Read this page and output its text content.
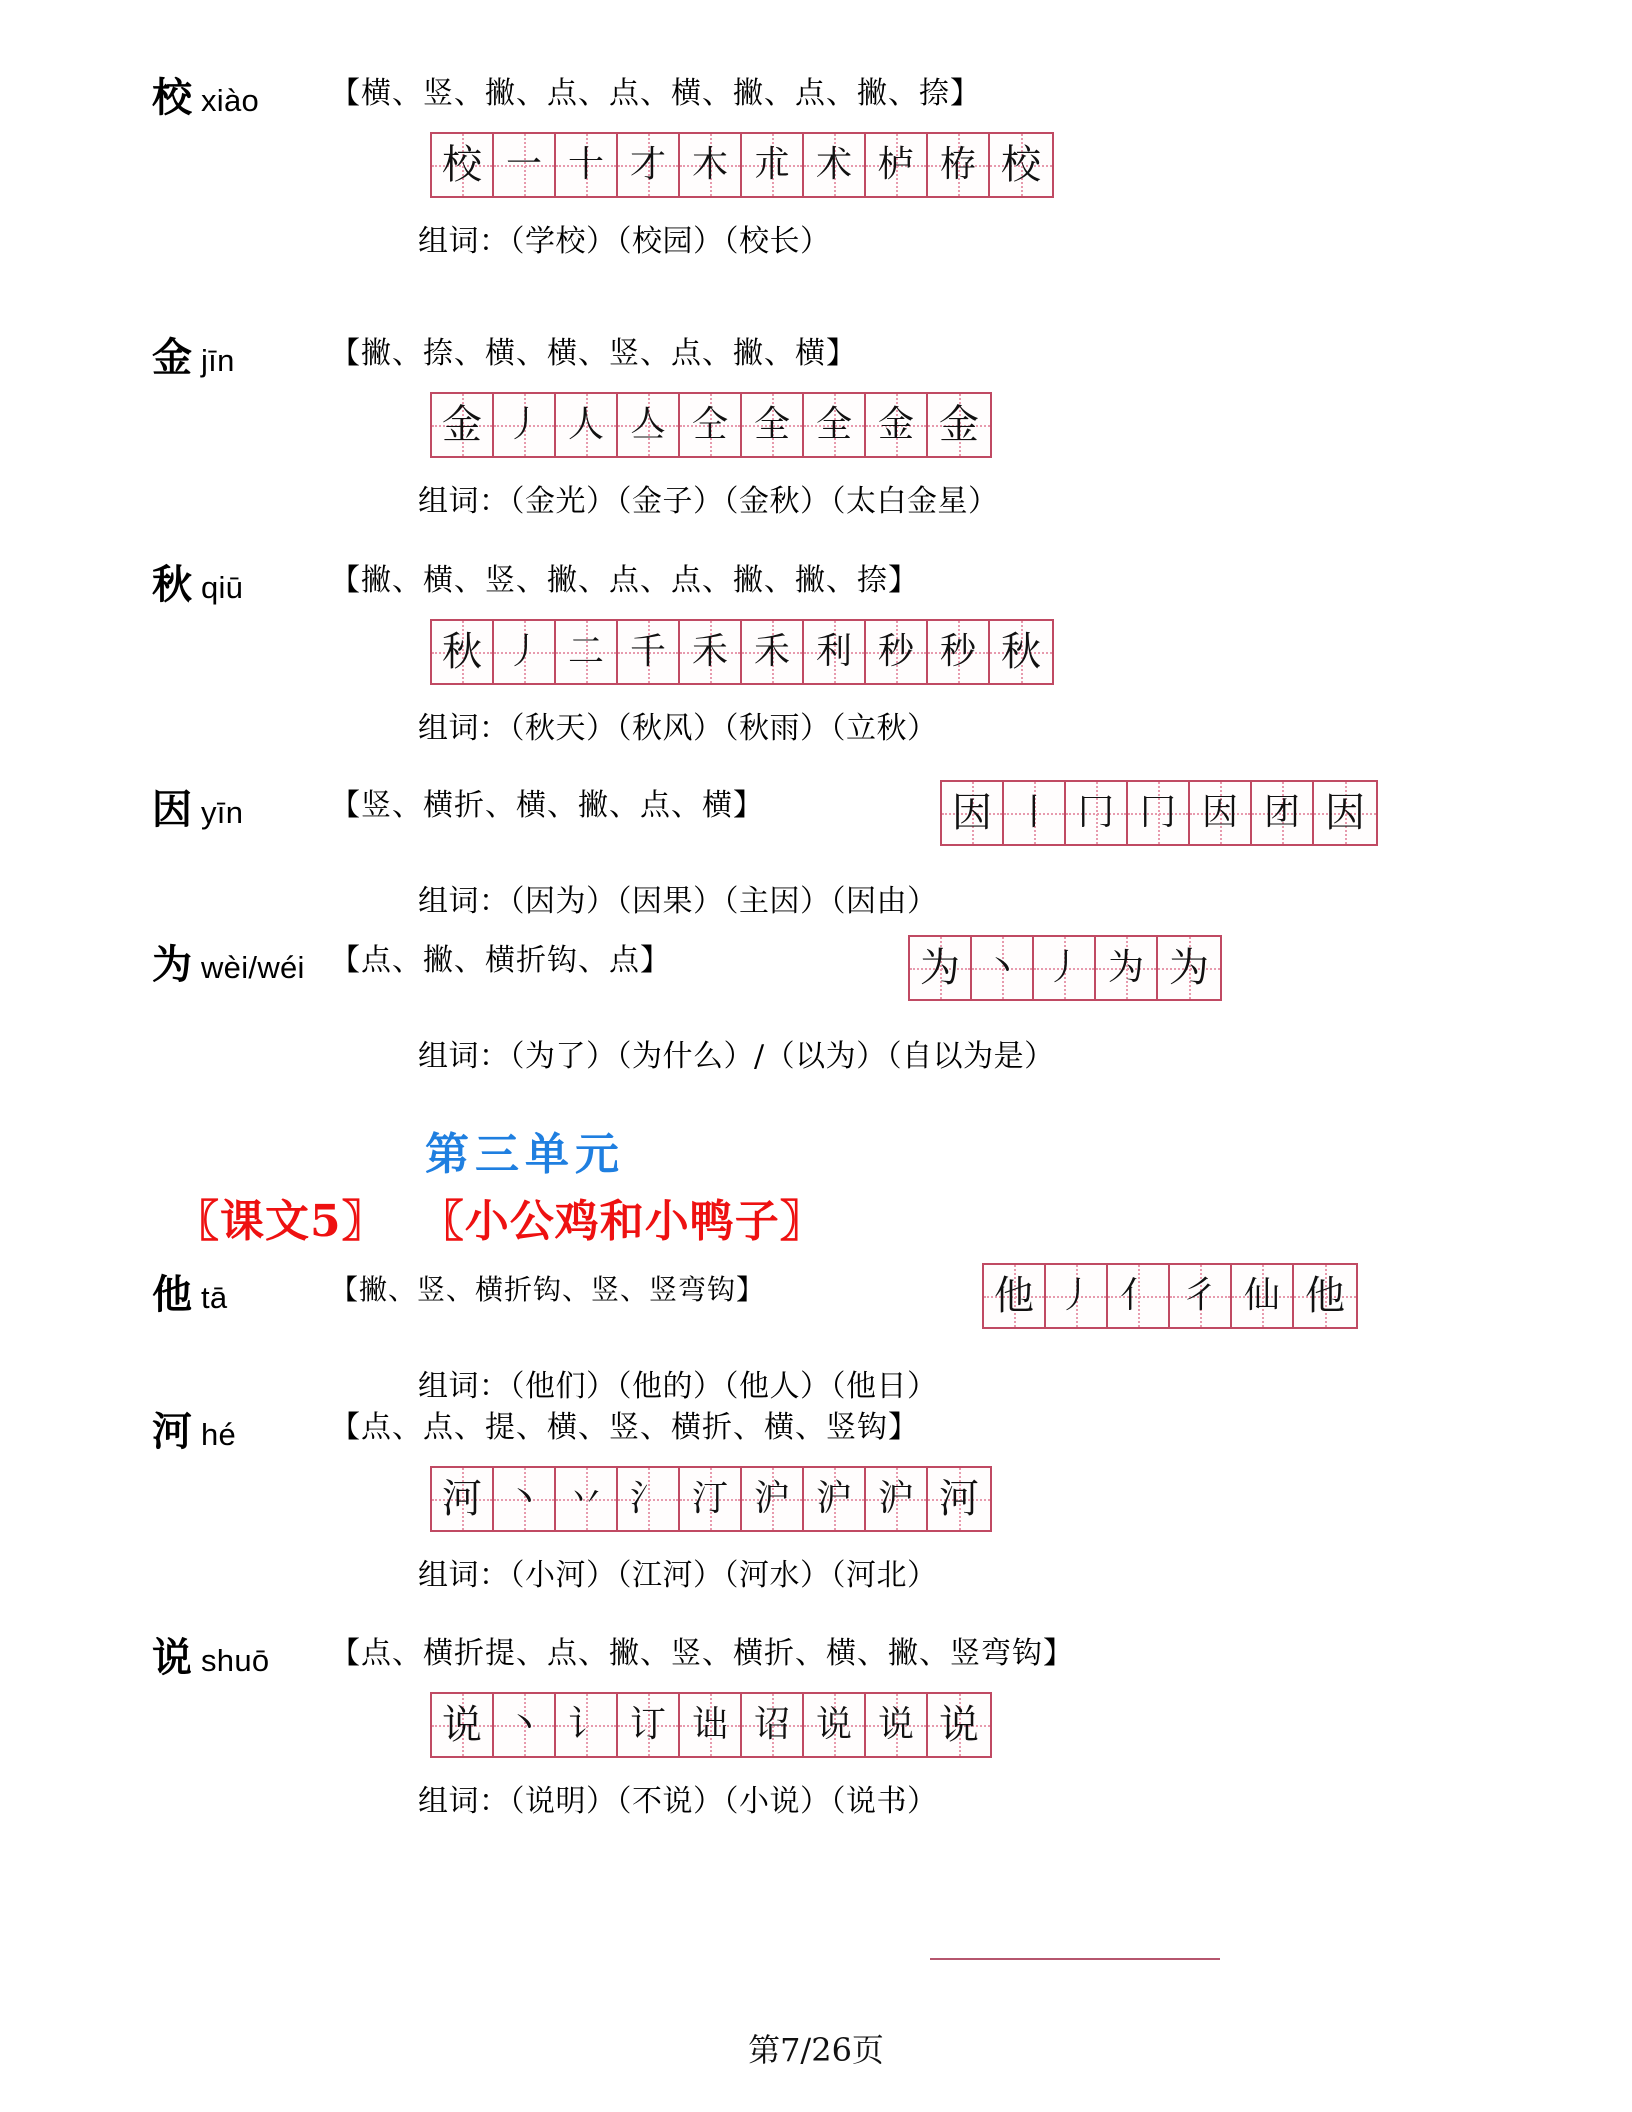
校 xiào 【横、竖、撇、点、点、横、撇、点、撇、捺】
校 一 十 才 木 朮 术 栌 栫 校
组词：（学校）（校园）（校长）
金 jīn	【撇、捺、横、横、竖、点、撇、横】
金 丿 人 亼 仝 全 全 金 金
组词：（金光）（金子）（金秋）（太白金星）
秋 qiū	【撇、横、竖、撇、点、点、撇、撇、捺】
秋 丿 二 千 禾 禾 利 秒 秒 秋
组词：（秋天）（秋风）（秋雨）（立秋）
因 yīn	【竖、横折、横、撇、点、横】	因 丨 冂 冂 因 团 因
组词：（因为）（因果）（主因）（因由）
为 wèi/wéi 【点、撇、横折钩、点】	为 丶 丿 为 为
组词：（为了）（为什么）/（以为）（自以为是）
第三单元
〖课文5〗 〖小公鸡和小鸭子〗
他 tā	【撇、竖、横折钩、竖、竖弯钩】	他 丿 亻 彳 仙 他
组词：（他们）（他的）（他人）（他日）
河 hé	【点、点、提、横、竖、横折、横、竖钩】
河 丶 丷 氵 汀 沪 沪 沪 河
组词：（小河）（江河）（河水）（河北）
说 shuō 【点、横折提、点、撇、竖、横折、横、撇、竖弯钩】
说 丶 讠 订 诎 诏 说 说 说
组词：（说明）（不说）（小说）（说书）
第7/26页
